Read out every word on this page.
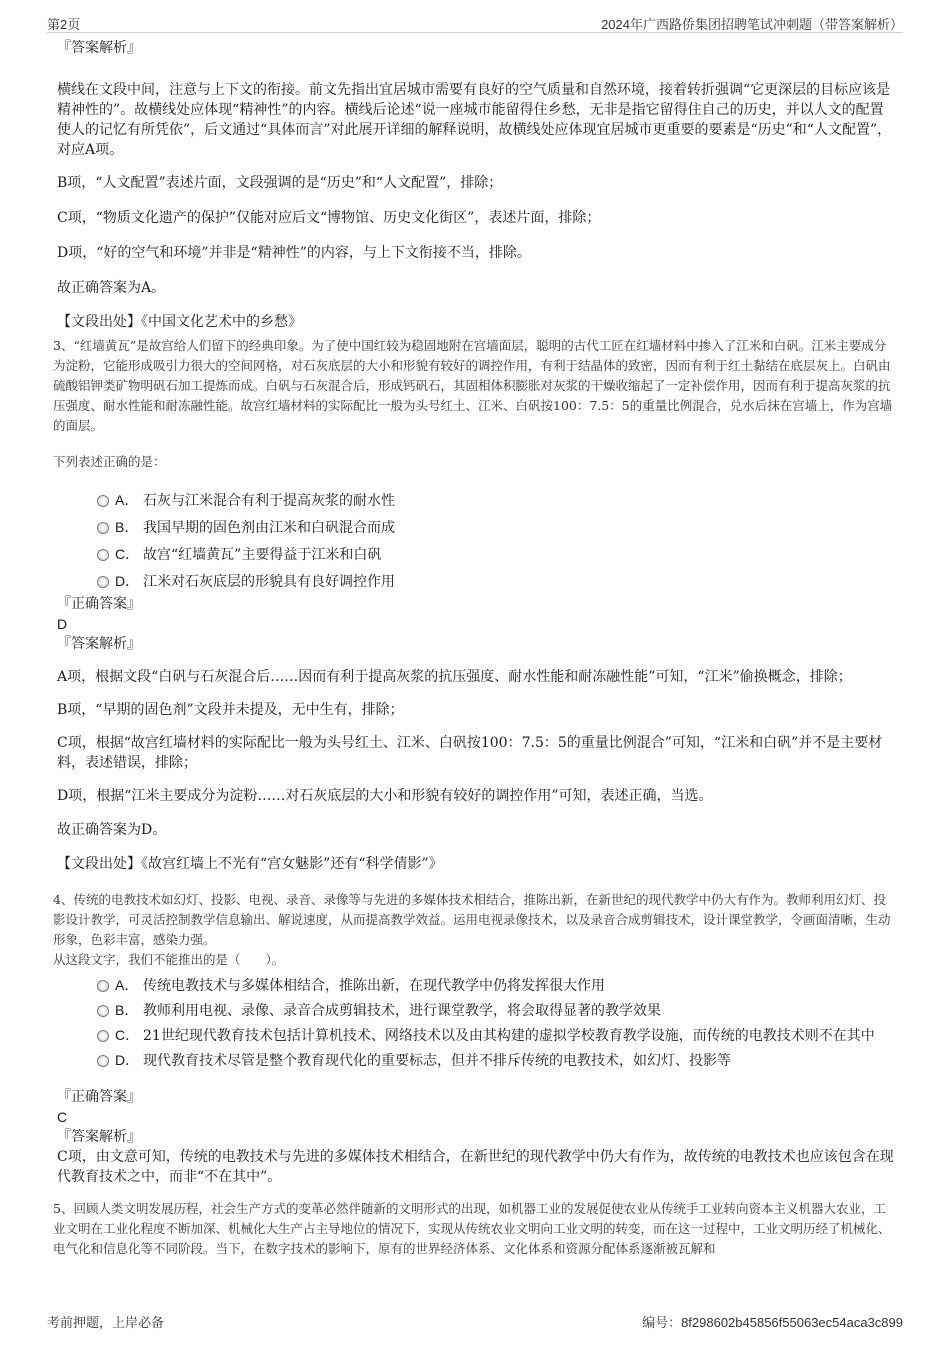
第2页	2024年广西路侨集团招聘笔试冲刺题（带答案解析）

『答案解析』

横线在文段中间，注意与上下文的衔接。前文先指出宜居城市需要有良好的空气质量和自然环境，接着转折强调“它更深层的目标应该是精神性的”。故横线处应体现“精神性”的内容。横线后论述“说一座城市能留得住乡愁，无非是指它留得住自己的历史，并以人文的配置使人的记忆有所凭依”，后文通过“具体而言”对此展开详细的解释说明，故横线处应体现宜居城市更重要的要素是“历史”和“人文配置”，对应A项。

B项，“人文配置”表述片面，文段强调的是“历史”和“人文配置”，排除；

C项，“物质文化遗产的保护”仅能对应后文“博物馆、历史文化街区”，表述片面，排除；

D项，“好的空气和环境”并非是“精神性”的内容，与上下文衔接不当，排除。

故正确答案为A。

【文段出处】《中国文化艺术中的乡愁》

3、“红墙黄瓦”是故宫给人们留下的经典印象。为了使中国红较为稳固地附在宫墙面层，聪明的古代工匠在红墙材料中掺入了江米和白矾。江米主要成分为淀粉，它能形成吸引力很大的空间网格，对石灰底层的大小和形貌有较好的调控作用，有利于结晶体的致密，因而有利于红土黏结在底层灰上。白矾由硫酸铝钾类矿物明矾石加工提炼而成。白矾与石灰混合后，形成钙矾石，其固相体积膨胀对灰浆的干燥收缩起了一定补偿作用，因而有利于提高灰浆的抗压强度、耐水性能和耐冻融性能。故宫红墙材料的实际配比一般为头号红土、江米、白矾按100：7.5：5的重量比例混合，兑水后抹在宫墙上，作为宫墙的面层。

下列表述正确的是：

A． 石灰与江米混合有利于提高灰浆的耐水性
B． 我国早期的固色剂由江米和白矾混合而成
C． 故宫“红墙黄瓦”主要得益于江米和白矾
D． 江米对石灰底层的形貌具有良好调控作用

『正确答案』

D

『答案解析』

A项，根据文段“白矾与石灰混合后……因而有利于提高灰浆的抗压强度、耐水性能和耐冻融性能”可知，“江米”偷换概念，排除；

B项，“早期的固色剂”文段并未提及，无中生有，排除；

C项，根据“故宫红墙材料的实际配比一般为头号红土、江米、白矾按100：7.5：5的重量比例混合”可知，“江米和白矾”并不是主要材料，表述错误，排除；

D项，根据“江米主要成分为淀粉……对石灰底层的大小和形貌有较好的调控作用”可知，表述正确，当选。

故正确答案为D。

【文段出处】《故宫红墙上不光有“宫女魅影”还有“科学倩影”》

4、传统的电教技术如幻灯、投影、电视、录音、录像等与先进的多媒体技术相结合，推陈出新，在新世纪的现代教学中仍大有作为。教师利用幻灯、投影设计教学，可灵活控制教学信息输出、解说速度，从而提高教学效益。运用电视录像技术，以及录音合成剪辑技术，设计课堂教学，令画面清晰，生动形象，色彩丰富，感染力强。

从这段文字，我们不能推出的是（　　）。

A． 传统电教技术与多媒体相结合，推陈出新，在现代教学中仍将发挥很大作用
B． 教师利用电视、录像、录音合成剪辑技术，进行课堂教学，将会取得显著的教学效果
C． 21世纪现代教育技术包括计算机技术、网络技术以及由其构建的虚拟学校教育教学设施，而传统的电教技术则不在其中
D． 现代教育技术尽管是整个教育现代化的重要标志，但并不排斥传统的电教技术，如幻灯、投影等

『正确答案』

C

『答案解析』

C项，由文意可知，传统的电教技术与先进的多媒体技术相结合，在新世纪的现代教学中仍大有作为，故传统的电教技术也应该包含在现代教育技术之中，而非“不在其中”。

5、回顾人类文明发展历程，社会生产方式的变革必然伴随新的文明形式的出现，如机器工业的发展促使农业从传统手工业转向资本主义机器大农业，工业文明在工业化程度不断加深、机械化大生产占主导地位的情况下，实现从传统农业文明向工业文明的转变，而在这一过程中，工业文明历经了机械化、电气化和信息化等不同阶段。当下，在数字技术的影响下，原有的世界经济体系、文化体系和资源分配体系逐渐被瓦解和

考前押题，上岸必备	编号：8f298602b45856f55063ec54aca3c899
